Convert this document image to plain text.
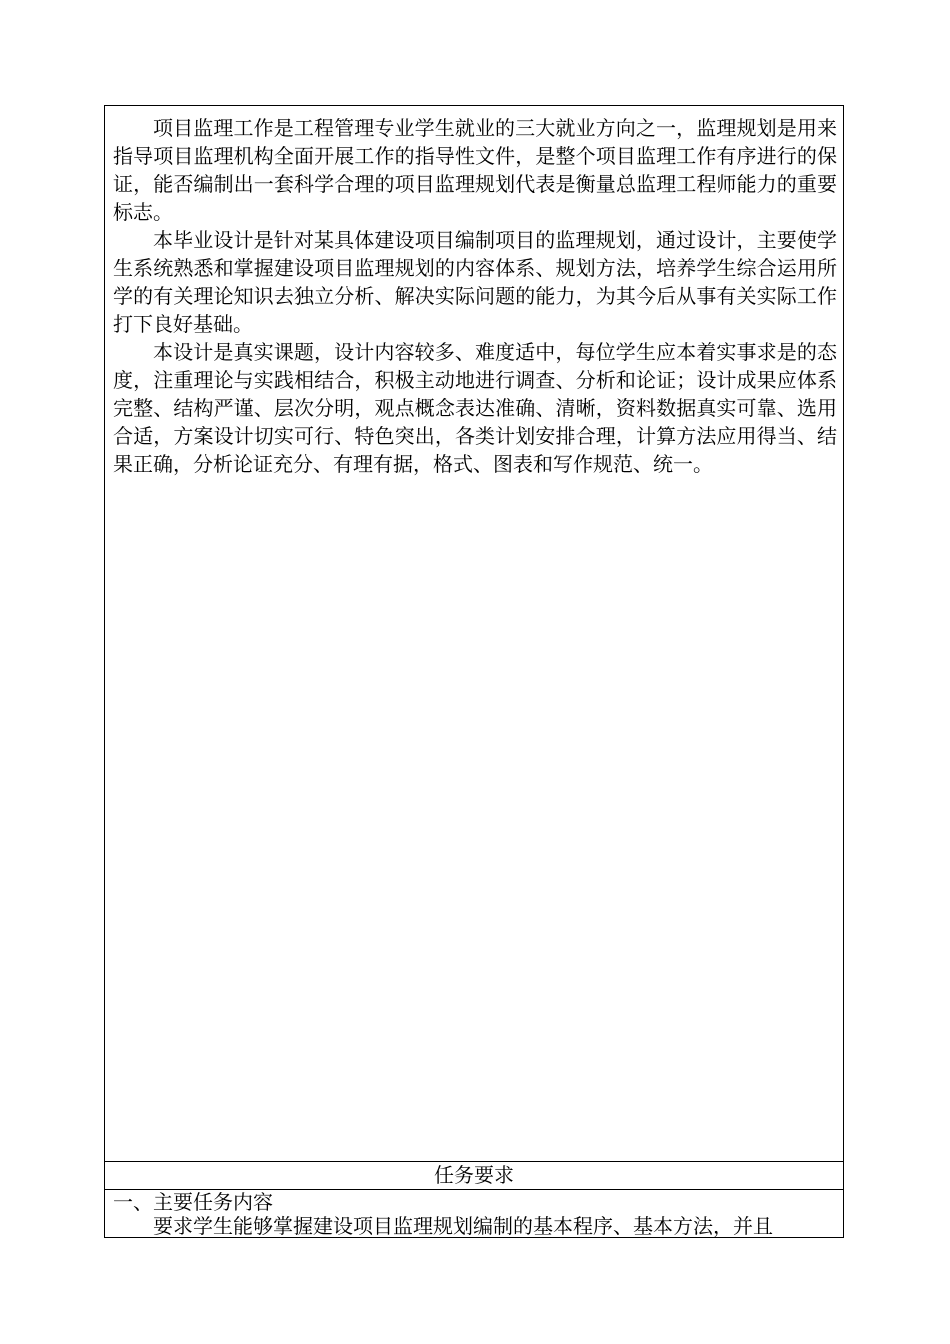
项目监理工作是工程管理专业学生就业的三大就业方向之一，监理规划是用来指导项目监理机构全面开展工作的指导性文件，是整个项目监理工作有序进行的保证，能否编制出一套科学合理的项目监理规划代表是衡量总监理工程师能力的重要标志。

本毕业设计是针对某具体建设项目编制项目的监理规划，通过设计，主要使学生系统熟悉和掌握建设项目监理规划的内容体系、规划方法，培养学生综合运用所学的有关理论知识去独立分析、解决实际问题的能力，为其今后从事有关实际工作打下良好基础。

本设计是真实课题，设计内容较多、难度适中，每位学生应本着实事求是的态度，注重理论与实践相结合，积极主动地进行调查、分析和论证；设计成果应体系完整、结构严谨、层次分明，观点概念表达准确、清晰，资料数据真实可靠、选用合适，方案设计切实可行、特色突出，各类计划安排合理，计算方法应用得当、结果正确，分析论证充分、有理有据，格式、图表和写作规范、统一。

任务要求

一、主要任务内容

要求学生能够掌握建设项目监理规划编制的基本程序、基本方法，并且
